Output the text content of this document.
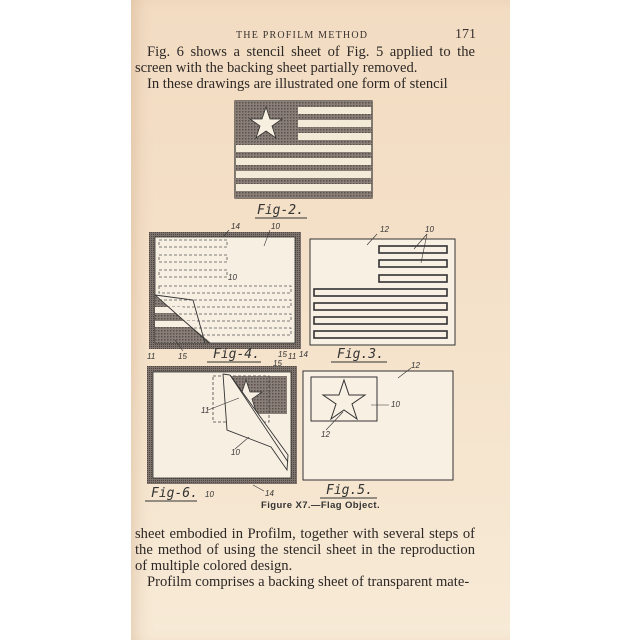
THE PROFILM METHOD	171
Fig. 6 shows a stencil sheet of Fig. 5 applied to the screen with the backing sheet partially removed.
In these drawings are illustrated one form of stencil
Fig-2.
14	10
10
11	15 Fig-4. 15 11 14
12	10
Fig.3.
15
11
10
Fig-6. 10	14
12
10
12
Fig.5.
Figure X7.—Flag Object.
sheet embodied in Profilm, together with several steps of the method of using the stencil sheet in the reproduction of multiple colored design.
Profilm comprises a backing sheet of transparent mate-
